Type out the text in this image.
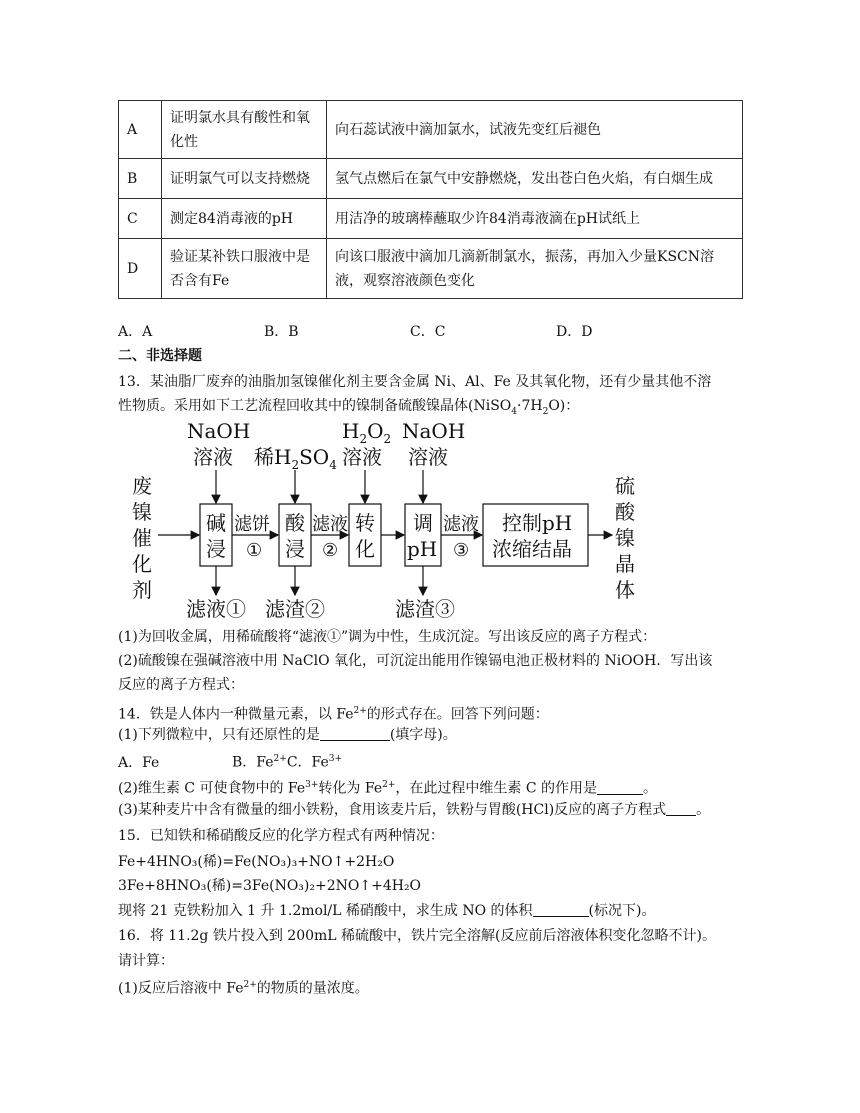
A	证明氯水具有酸性和氧化性	向石蕊试液中滴加氯水，试液先变红后褪色
B	证明氯气可以支持燃烧	氢气点燃后在氯气中安静燃烧，发出苍白色火焰，有白烟生成
C	测定84消毒液的pH	用洁净的玻璃棒蘸取少许84消毒液滴在pH试纸上
D	验证某补铁口服液中是否含有Fe	向该口服液中滴加几滴新制氯水，振荡，再加入少量KSCN溶液，观察溶液颜色变化
A．A	B．B	C．C	D．D
二、非选择题
13．某油脂厂废弃的油脂加氢镍催化剂主要含金属 Ni、Al、Fe 及其氧化物，还有少量其他不溶
性物质。采用如下工艺流程回收其中的镍制备硫酸镍晶体$(NiSO_4\cdot 7H_2O)$：
废
镍
催
化
剂
硫
酸
镍
晶
体
NaOH
溶液 稀$H_2SO_4$
$H_2O_2$
溶液
NaOH
溶液
碱
浸
酸
浸
转
化
调
pH
控制pH
浓缩结晶
滤饼
①
滤液
②
滤液
③
滤液① 滤渣②	滤渣③
(1)为回收金属，用稀硫酸将“滤液①”调为中性，生成沉淀。写出该反应的离子方程式：
(2)硫酸镍在强碱溶液中用 NaClO 氧化，可沉淀出能用作镍镉电池正极材料的 NiOOH．写出该
反应的离子方程式：
14．铁是人体内一种微量元素，以 $Fe^{2+}$的形式存在。回答下列问题：
(1)下列微粒中，只有还原性的是	(填字母)。
A．Fe	B．$Fe^{2+}C$．$Fe^{3+}$
(2)维生素 C 可使食物中的 $Fe^{3+}$转化为 $Fe^{2+}$，在此过程中维生素 C 的作用是	。
(3)某种麦片中含有微量的细小铁粉，食用该麦片后，铁粉与胃酸(HCl)反应的离子方程式 。
15．已知铁和稀硝酸反应的化学方程式有两种情况：
Fe+4HNO₃(稀)=Fe(NO₃)₃+NO↑+2H₂O
3Fe+8HNO₃(稀)=3Fe(NO₃)₂+2NO↑+4H₂O
现将 21 克铁粉加入 1 升 1.2mol/L 稀硝酸中，求生成 NO 的体积	(标况下)。
16．将 11.2g 铁片投入到 200mL 稀硫酸中，铁片完全溶解(反应前后溶液体积变化忽略不计)。
请计算：
(1)反应后溶液中 $Fe^{2+}$的物质的量浓度。
